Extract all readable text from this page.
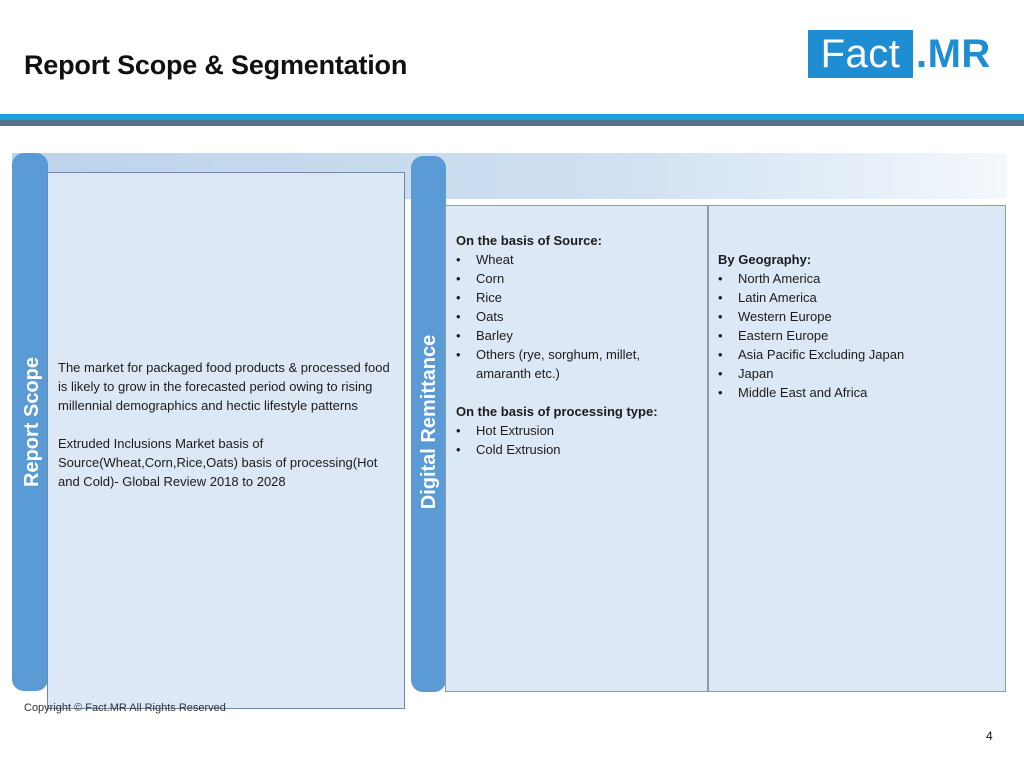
Report Scope & Segmentation	Fact .MR
Report Scope The market for packaged food products & processed food is likely to grow in the forecasted period owing to rising millennial demographics and hectic lifestyle patterns

Extruded Inclusions Market basis of Source(Wheat,Corn,Rice,Oats) basis of processing(Hot and Cold)- Global Review 2018 to 2028	Digital Remittance
On the basis of Source:
• Wheat
• Corn
• Rice
• Oats
• Barley
• Others (rye, sorghum, millet,
amaranth etc.)
On the basis of processing type:
• Hot Extrusion
• Cold Extrusion
By Geography:
• North America
• Latin America
• Western Europe
• Eastern Europe
• Asia Pacific Excluding Japan
• Japan
• Middle East and Africa
Copyright © Fact.MR All Rights Reserved
4
